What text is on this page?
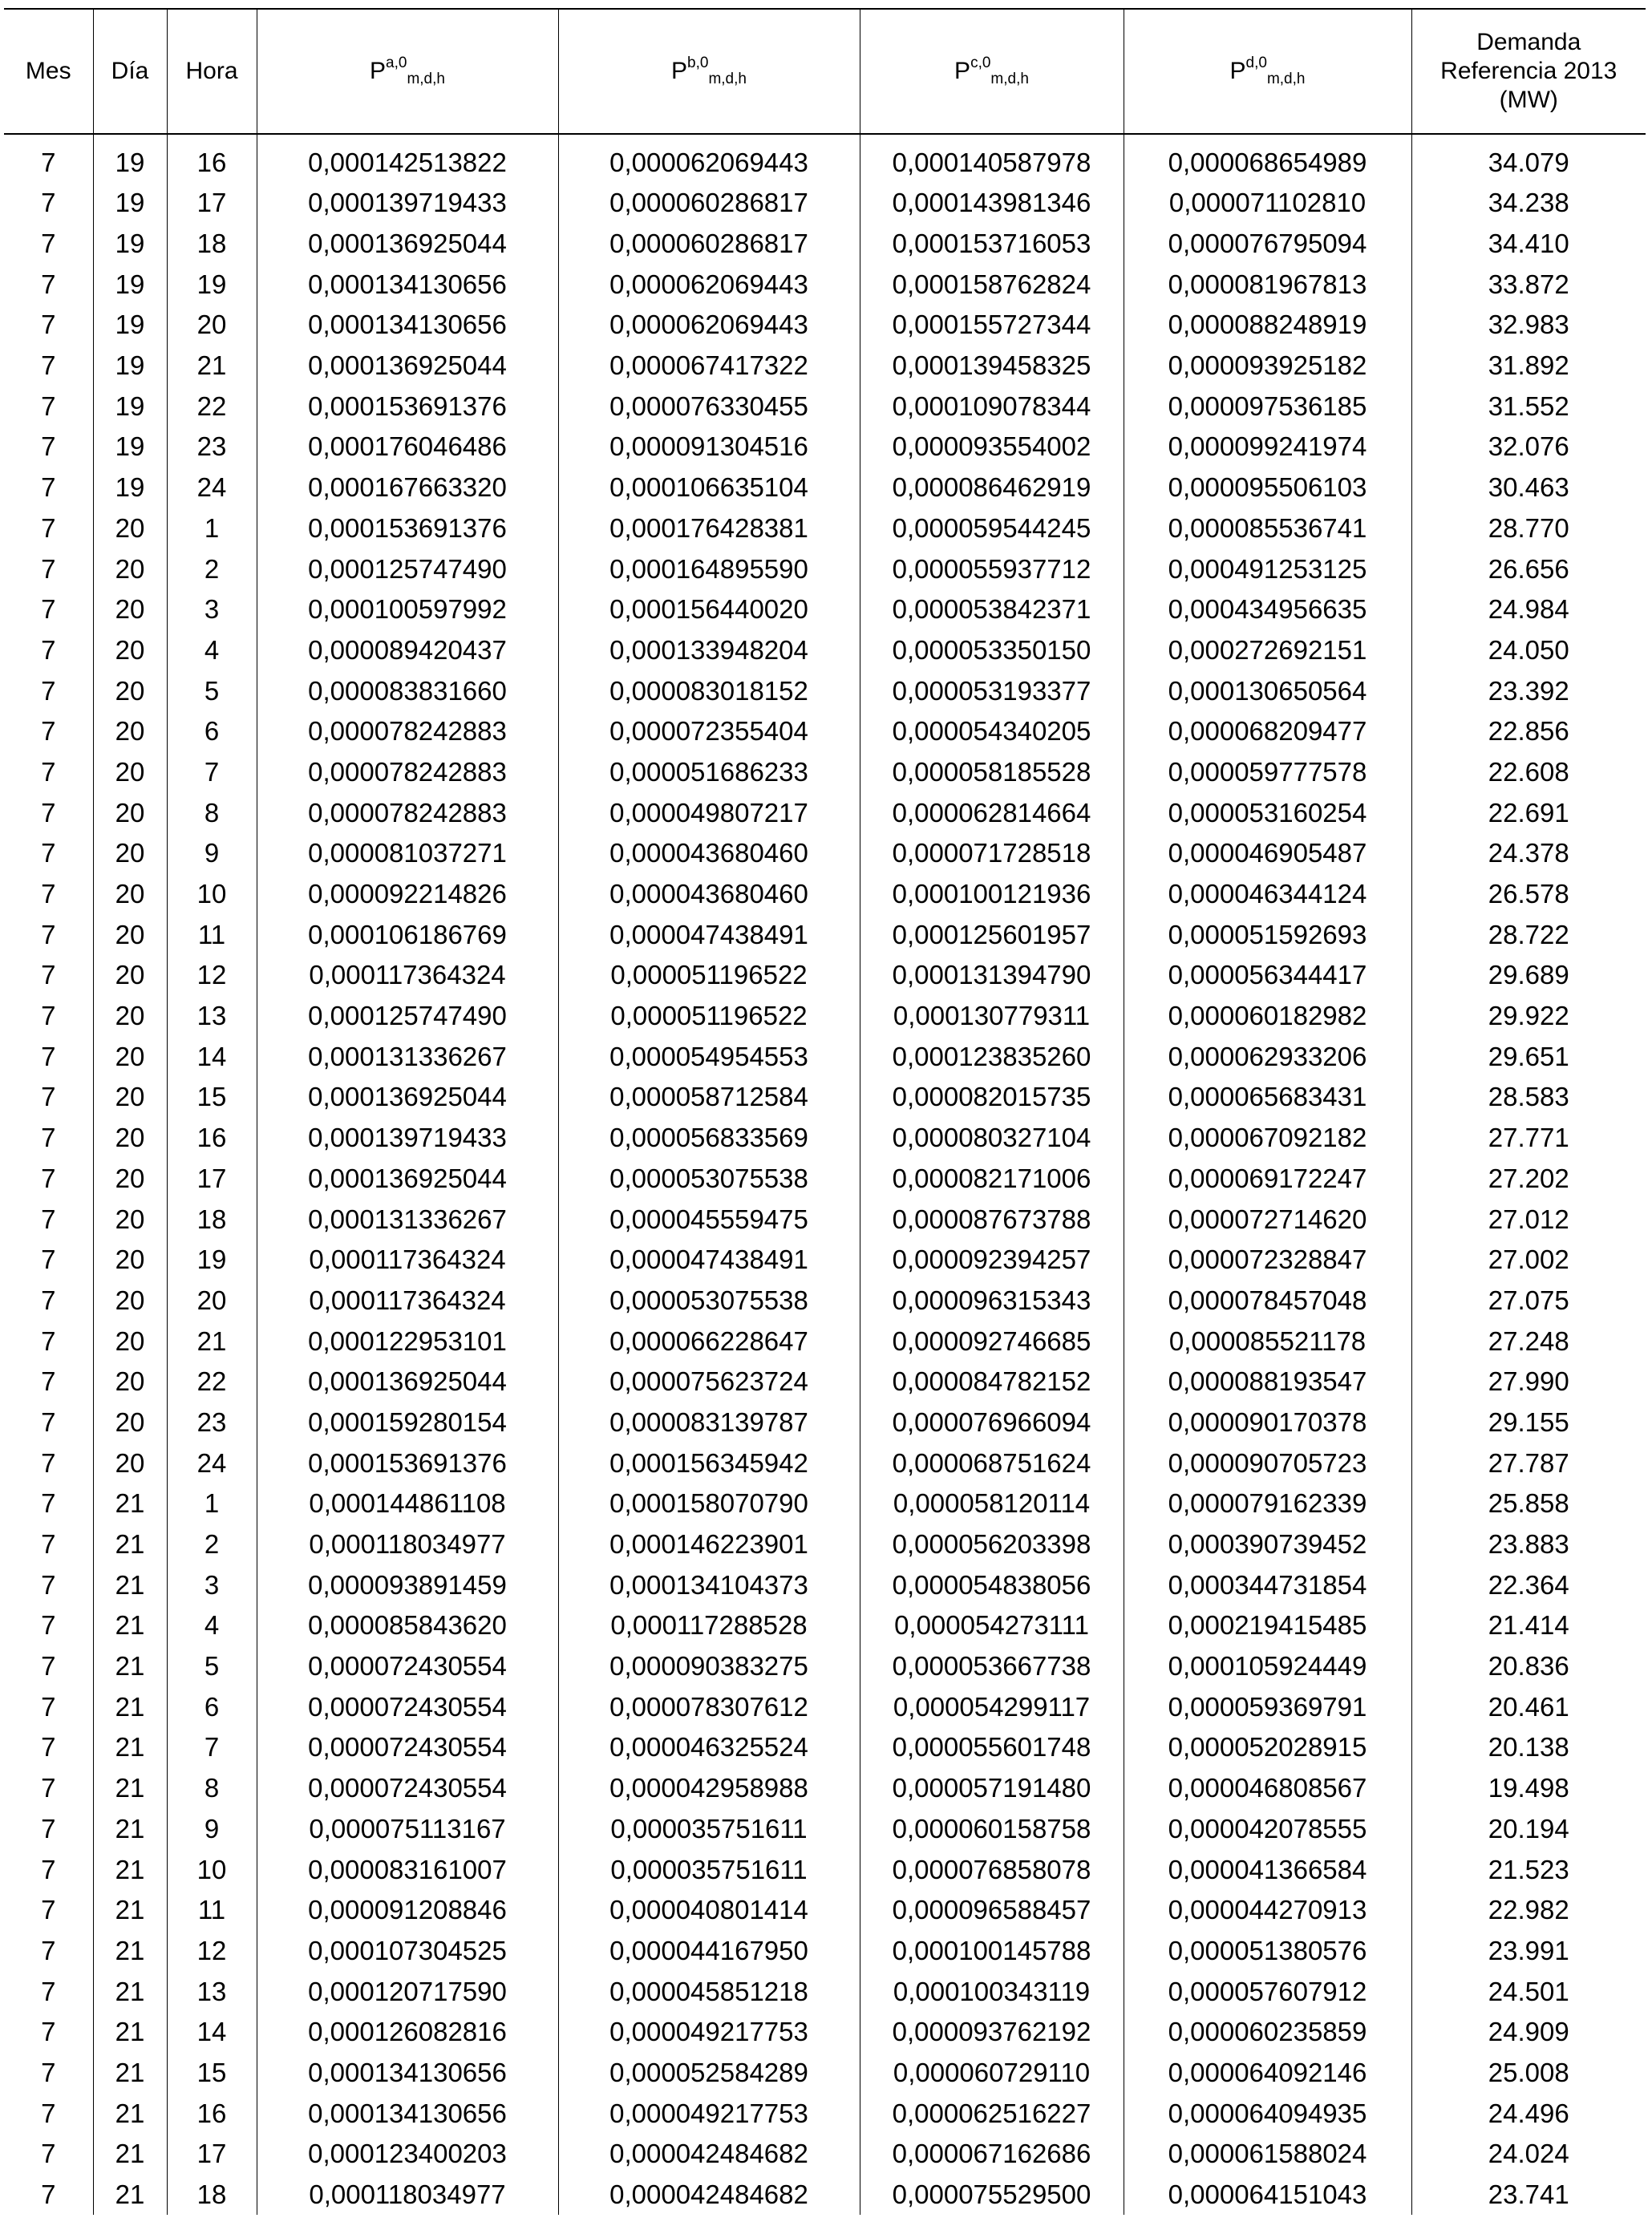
Mes	Día	Hora	P$^{a,0}_{m,d,h}$	P$^{b,0}_{m,d,h}$	P$^{c,0}_{m,d,h}$	P$^{d,0}_{m,d,h}$	Demanda
Referencia 2013
(MW)

7	19	16	0,000142513822	0,000062069443	0,000140587978	0,000068654989	34.079
7	19	17	0,000139719433	0,000060286817	0,000143981346	0,000071102810	34.238
7	19	18	0,000136925044	0,000060286817	0,000153716053	0,000076795094	34.410
7	19	19	0,000134130656	0,000062069443	0,000158762824	0,000081967813	33.872
7	19	20	0,000134130656	0,000062069443	0,000155727344	0,000088248919	32.983
7	19	21	0,000136925044	0,000067417322	0,000139458325	0,000093925182	31.892
7	19	22	0,000153691376	0,000076330455	0,000109078344	0,000097536185	31.552
7	19	23	0,000176046486	0,000091304516	0,000093554002	0,000099241974	32.076
7	19	24	0,000167663320	0,000106635104	0,000086462919	0,000095506103	30.463
7	20	1	0,000153691376	0,000176428381	0,000059544245	0,000085536741	28.770
7	20	2	0,000125747490	0,000164895590	0,000055937712	0,000491253125	26.656
7	20	3	0,000100597992	0,000156440020	0,000053842371	0,000434956635	24.984
7	20	4	0,000089420437	0,000133948204	0,000053350150	0,000272692151	24.050
7	20	5	0,000083831660	0,000083018152	0,000053193377	0,000130650564	23.392
7	20	6	0,000078242883	0,000072355404	0,000054340205	0,000068209477	22.856
7	20	7	0,000078242883	0,000051686233	0,000058185528	0,000059777578	22.608
7	20	8	0,000078242883	0,000049807217	0,000062814664	0,000053160254	22.691
7	20	9	0,000081037271	0,000043680460	0,000071728518	0,000046905487	24.378
7	20	10	0,000092214826	0,000043680460	0,000100121936	0,000046344124	26.578
7	20	11	0,000106186769	0,000047438491	0,000125601957	0,000051592693	28.722
7	20	12	0,000117364324	0,000051196522	0,000131394790	0,000056344417	29.689
7	20	13	0,000125747490	0,000051196522	0,000130779311	0,000060182982	29.922
7	20	14	0,000131336267	0,000054954553	0,000123835260	0,000062933206	29.651
7	20	15	0,000136925044	0,000058712584	0,000082015735	0,000065683431	28.583
7	20	16	0,000139719433	0,000056833569	0,000080327104	0,000067092182	27.771
7	20	17	0,000136925044	0,000053075538	0,000082171006	0,000069172247	27.202
7	20	18	0,000131336267	0,000045559475	0,000087673788	0,000072714620	27.012
7	20	19	0,000117364324	0,000047438491	0,000092394257	0,000072328847	27.002
7	20	20	0,000117364324	0,000053075538	0,000096315343	0,000078457048	27.075
7	20	21	0,000122953101	0,000066228647	0,000092746685	0,000085521178	27.248
7	20	22	0,000136925044	0,000075623724	0,000084782152	0,000088193547	27.990
7	20	23	0,000159280154	0,000083139787	0,000076966094	0,000090170378	29.155
7	20	24	0,000153691376	0,000156345942	0,000068751624	0,000090705723	27.787
7	21	1	0,000144861108	0,000158070790	0,000058120114	0,000079162339	25.858
7	21	2	0,000118034977	0,000146223901	0,000056203398	0,000390739452	23.883
7	21	3	0,000093891459	0,000134104373	0,000054838056	0,000344731854	22.364
7	21	4	0,000085843620	0,000117288528	0,000054273111	0,000219415485	21.414
7	21	5	0,000072430554	0,000090383275	0,000053667738	0,000105924449	20.836
7	21	6	0,000072430554	0,000078307612	0,000054299117	0,000059369791	20.461
7	21	7	0,000072430554	0,000046325524	0,000055601748	0,000052028915	20.138
7	21	8	0,000072430554	0,000042958988	0,000057191480	0,000046808567	19.498
7	21	9	0,000075113167	0,000035751611	0,000060158758	0,000042078555	20.194
7	21	10	0,000083161007	0,000035751611	0,000076858078	0,000041366584	21.523
7	21	11	0,000091208846	0,000040801414	0,000096588457	0,000044270913	22.982
7	21	12	0,000107304525	0,000044167950	0,000100145788	0,000051380576	23.991
7	21	13	0,000120717590	0,000045851218	0,000100343119	0,000057607912	24.501
7	21	14	0,000126082816	0,000049217753	0,000093762192	0,000060235859	24.909
7	21	15	0,000134130656	0,000052584289	0,000060729110	0,000064092146	25.008
7	21	16	0,000134130656	0,000049217753	0,000062516227	0,000064094935	24.496
7	21	17	0,000123400203	0,000042484682	0,000067162686	0,000061588024	24.024
7	21	18	0,000118034977	0,000042484682	0,000075529500	0,000064151043	23.741
